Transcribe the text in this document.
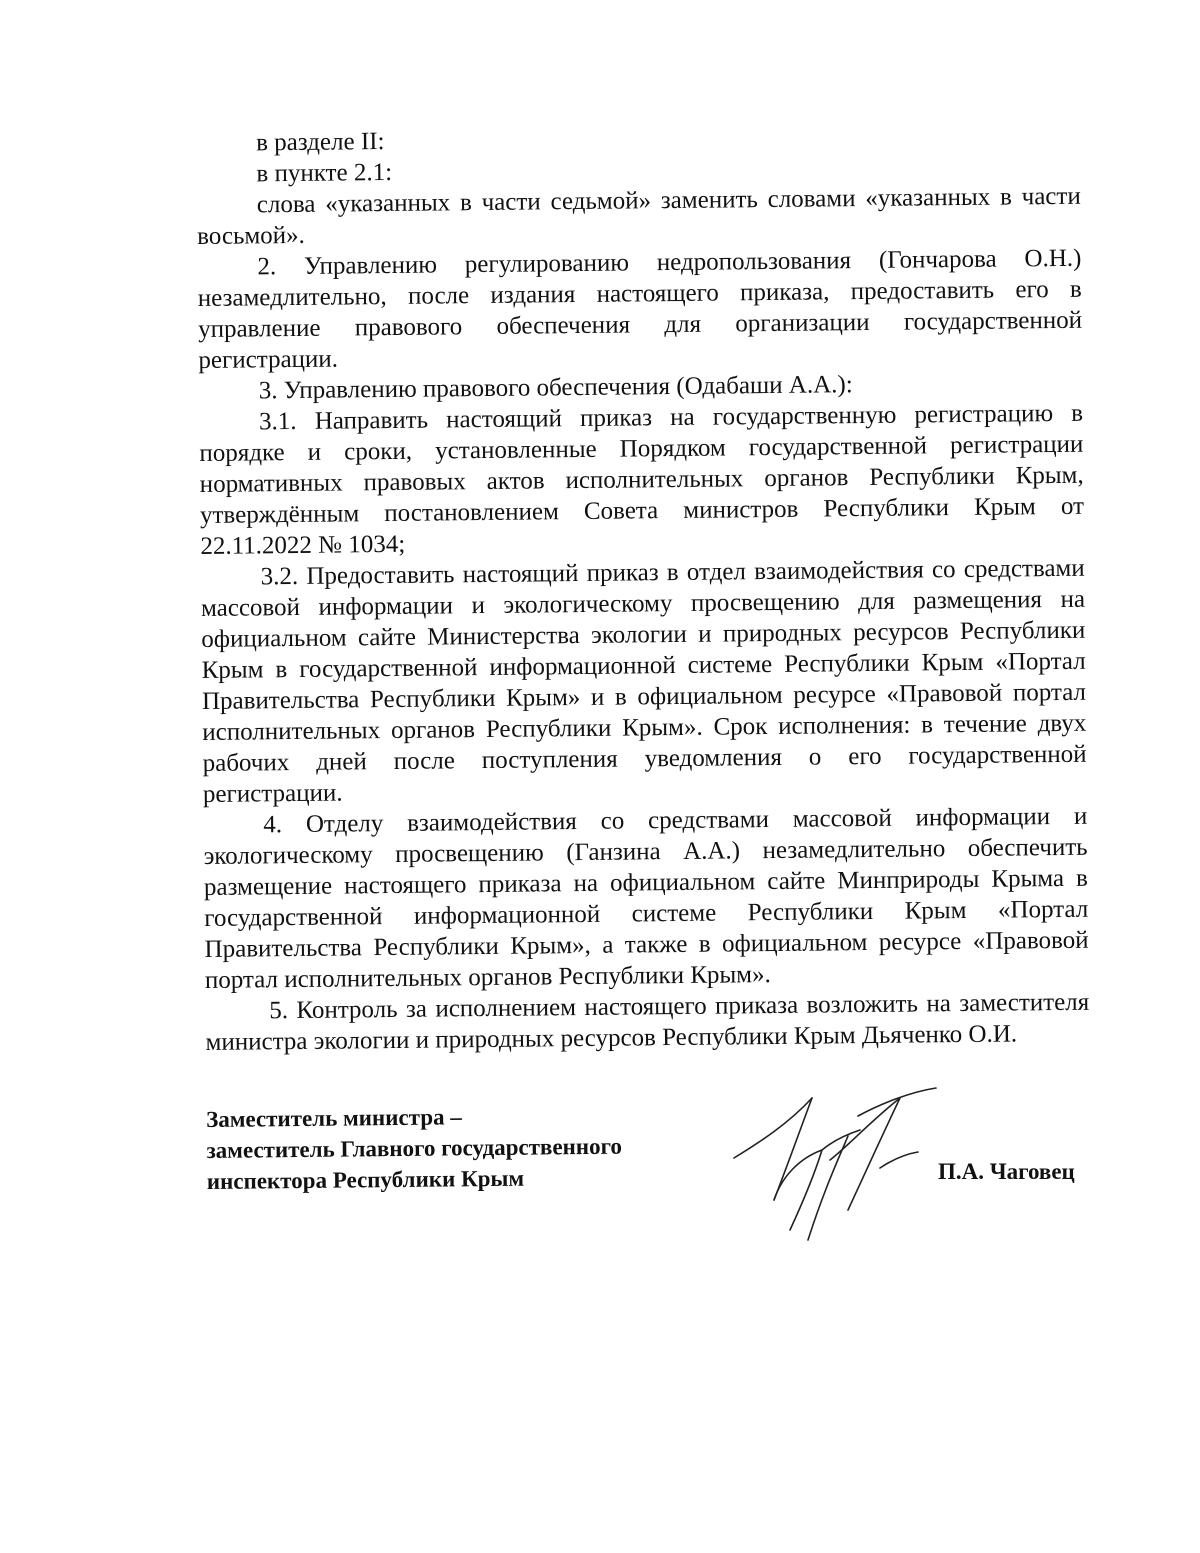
в разделе II:

в пункте 2.1:

слова «указанных в части седьмой» заменить словами «указанных в части восьмой».

2. Управлению регулированию недропользования (Гончарова О.Н.) незамедлительно, после издания настоящего приказа, предоставить его в управление правового обеспечения для организации государственной регистрации.

3. Управлению правового обеспечения (Одабаши А.А.):

3.1. Направить настоящий приказ на государственную регистрацию в порядке и сроки, установленные Порядком государственной регистрации нормативных правовых актов исполнительных органов Республики Крым, утверждённым постановлением Совета министров Республики Крым от 22.11.2022 № 1034;

3.2. Предоставить настоящий приказ в отдел взаимодействия со средствами массовой информации и экологическому просвещению для размещения на официальном сайте Министерства экологии и природных ресурсов Республики Крым в государственной информационной системе Республики Крым «Портал Правительства Республики Крым» и в официальном ресурсе «Правовой портал исполнительных органов Республики Крым». Срок исполнения: в течение двух рабочих дней после поступления уведомления о его государственной регистрации.

4. Отделу взаимодействия со средствами массовой информации и экологическому просвещению (Ганзина А.А.) незамедлительно обеспечить размещение настоящего приказа на официальном сайте Минприроды Крыма в государственной информационной системе Республики Крым «Портал Правительства Республики Крым», а также в официальном ресурсе «Правовой портал исполнительных органов Республики Крым».

5. Контроль за исполнением настоящего приказа возложить на заместителя министра экологии и природных ресурсов Республики Крым Дьяченко О.И.

Заместитель министра –
заместитель Главного государственного
инспектора Республики Крым	П.А. Чаговец
